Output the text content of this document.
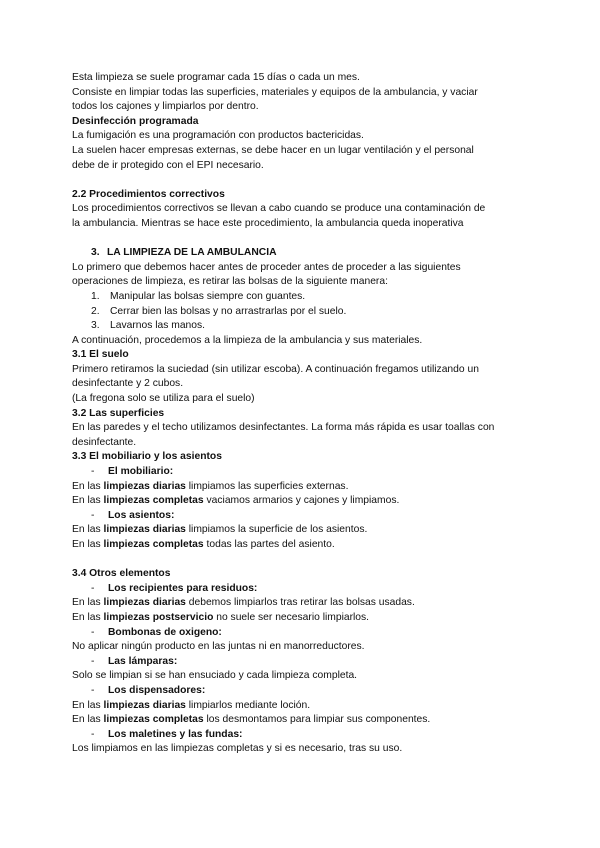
Esta limpieza se suele programar cada 15 días o cada un mes.

Consiste en limpiar todas las superficies, materiales y equipos de la ambulancia, y vaciar

todos los cajones y limpiarlos por dentro.

Desinfección programada

La fumigación es una programación con productos bactericidas.

La suelen hacer empresas externas, se debe hacer en un lugar ventilación y el personal

debe de ir protegido con el EPI necesario.

2.2 Procedimientos correctivos

Los procedimientos correctivos se llevan a cabo cuando se produce una contaminación de

la ambulancia. Mientras se hace este procedimiento, la ambulancia queda inoperativa

3. LA LIMPIEZA DE LA AMBULANCIA

Lo primero que debemos hacer antes de proceder antes de proceder a las siguientes

operaciones de limpieza, es retirar las bolsas de la siguiente manera:

1.	Manipular las bolsas siempre con guantes.
2.	Cerrar bien las bolsas y no arrastrarlas por el suelo.
3.	Lavarnos las manos.

A continuación, procedemos a la limpieza de la ambulancia y sus materiales.

3.1 El suelo

Primero retiramos la suciedad (sin utilizar escoba). A continuación fregamos utilizando un

desinfectante y 2 cubos.

(La fregona solo se utiliza para el suelo)

3.2 Las superficies

En las paredes y el techo utilizamos desinfectantes. La forma más rápida es usar toallas con

desinfectante.

3.3 El mobiliario y los asientos

-	El mobiliario:

En las limpiezas diarias limpiamos las superficies externas.

En las limpiezas completas vaciamos armarios y cajones y limpiamos.

-	Los asientos:

En las limpiezas diarias limpiamos la superficie de los asientos.

En las limpiezas completas todas las partes del asiento.

3.4 Otros elementos

-	Los recipientes para residuos:

En las limpiezas diarias debemos limpiarlos tras retirar las bolsas usadas.

En las limpiezas postservicio no suele ser necesario limpiarlos.

-	Bombonas de oxigeno:

No aplicar ningún producto en las juntas ni en manorreductores.

-	Las lámparas:

Solo se limpian si se han ensuciado y cada limpieza completa.

-	Los dispensadores:

En las limpiezas diarias limpiarlos mediante loción.

En las limpiezas completas los desmontamos para limpiar sus componentes.

-	Los maletines y las fundas:

Los limpiamos en las limpiezas completas y si es necesario, tras su uso.
